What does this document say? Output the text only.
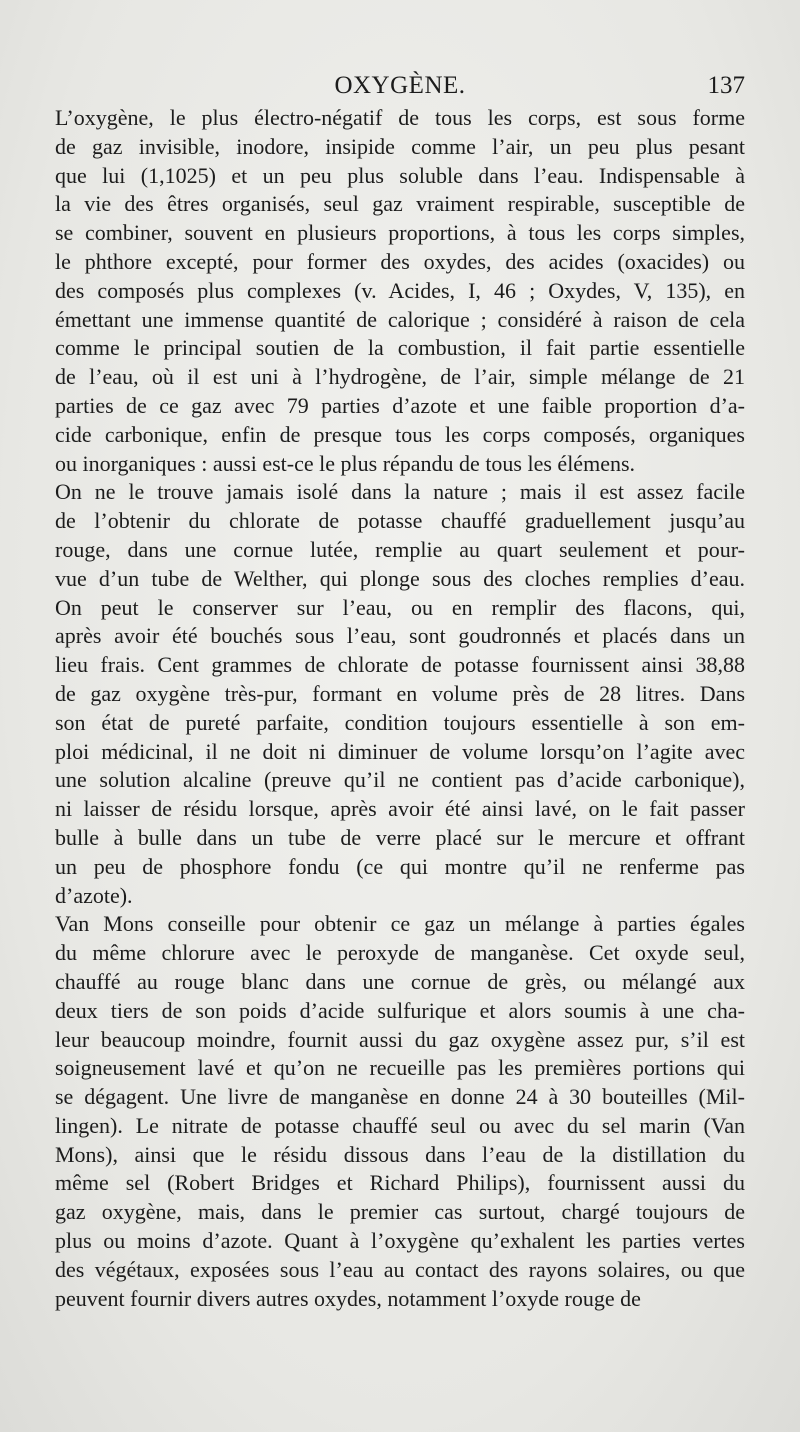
OXYGÈNE.	137
L’oxygène, le plus électro-négatif de tous les corps, est sous forme
de gaz invisible, inodore, insipide comme l’air, un peu plus pesant
que lui (1,1025) et un peu plus soluble dans l’eau. Indispensable à
la vie des êtres organisés, seul gaz vraiment respirable, susceptible de
se combiner, souvent en plusieurs proportions, à tous les corps simples,
le phthore excepté, pour former des oxydes, des acides (oxacides) ou
des composés plus complexes (v. Acides, I, 46 ; Oxydes, V, 135), en
émettant une immense quantité de calorique ; considéré à raison de cela
comme le principal soutien de la combustion, il fait partie essentielle
de l’eau, où il est uni à l’hydrogène, de l’air, simple mélange de 21
parties de ce gaz avec 79 parties d’azote et une faible proportion d’a-
cide carbonique, enfin de presque tous les corps composés, organiques
ou inorganiques : aussi est-ce le plus répandu de tous les élémens.
On ne le trouve jamais isolé dans la nature ; mais il est assez facile
de l’obtenir du chlorate de potasse chauffé graduellement jusqu’au
rouge, dans une cornue lutée, remplie au quart seulement et pour-
vue d’un tube de Welther, qui plonge sous des cloches remplies d’eau.
On peut le conserver sur l’eau, ou en remplir des flacons, qui,
après avoir été bouchés sous l’eau, sont goudronnés et placés dans un
lieu frais. Cent grammes de chlorate de potasse fournissent ainsi 38,88
de gaz oxygène très-pur, formant en volume près de 28 litres. Dans
son état de pureté parfaite, condition toujours essentielle à son em-
ploi médicinal, il ne doit ni diminuer de volume lorsqu’on l’agite avec
une solution alcaline (preuve qu’il ne contient pas d’acide carbonique),
ni laisser de résidu lorsque, après avoir été ainsi lavé, on le fait passer
bulle à bulle dans un tube de verre placé sur le mercure et offrant
un peu de phosphore fondu (ce qui montre qu’il ne renferme pas
d’azote).
Van Mons conseille pour obtenir ce gaz un mélange à parties égales
du même chlorure avec le peroxyde de manganèse. Cet oxyde seul,
chauffé au rouge blanc dans une cornue de grès, ou mélangé aux
deux tiers de son poids d’acide sulfurique et alors soumis à une cha-
leur beaucoup moindre, fournit aussi du gaz oxygène assez pur, s’il est
soigneusement lavé et qu’on ne recueille pas les premières portions qui
se dégagent. Une livre de manganèse en donne 24 à 30 bouteilles (Mil-
lingen). Le nitrate de potasse chauffé seul ou avec du sel marin (Van
Mons), ainsi que le résidu dissous dans l’eau de la distillation du
même sel (Robert Bridges et Richard Philips), fournissent aussi du
gaz oxygène, mais, dans le premier cas surtout, chargé toujours de
plus ou moins d’azote. Quant à l’oxygène qu’exhalent les parties vertes
des végétaux, exposées sous l’eau au contact des rayons solaires, ou que
peuvent fournir divers autres oxydes, notamment l’oxyde rouge de
